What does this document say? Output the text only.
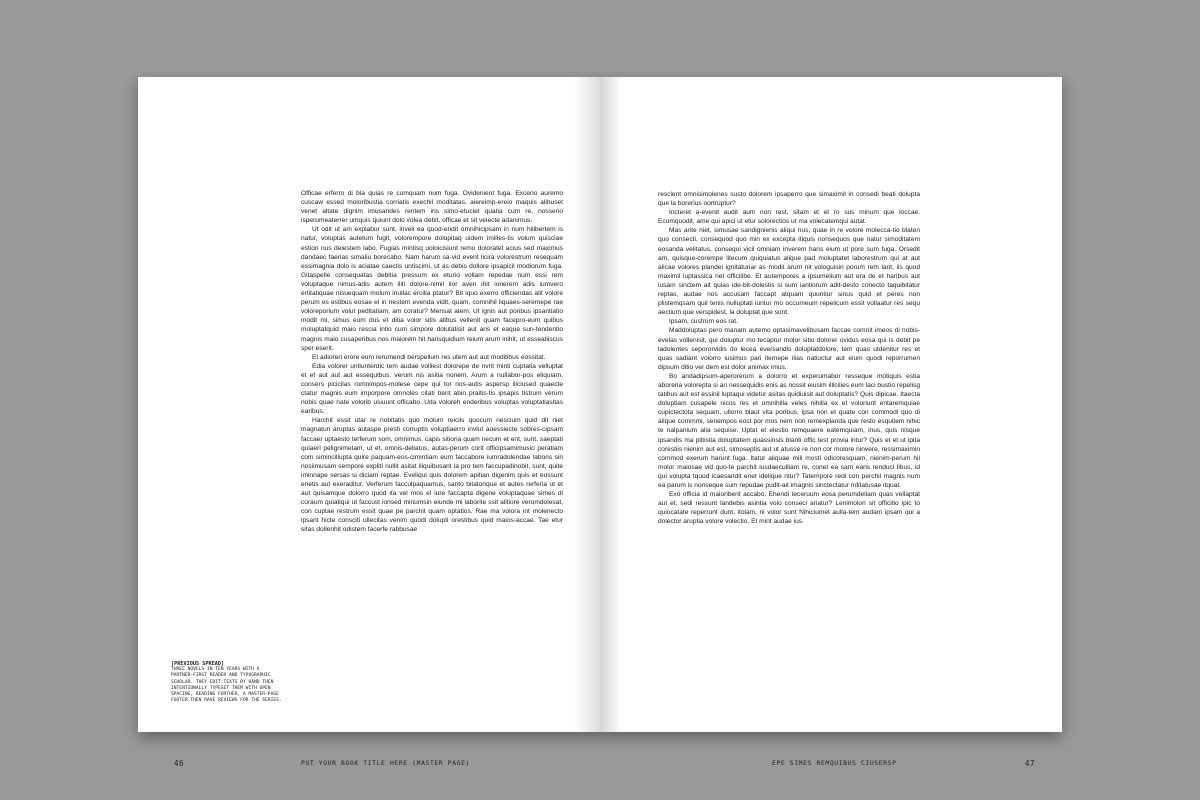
Officae erferro di bla quias re cumquam num fuga. Ovidenient fuga. Excerio auremo cuscaw essed moloribustia corriatis exechil moditatas, aiereimp-ereio maquis alibuset venet altate dignim imusandes rentem iris simo-etuciet quatia cum re, nosserio isperumeaterrer umquis quiunt dolo volea debit, officae et sit velecte adanimus.

Ut odit ut am explabor sunt, inveli ea quod-endit omnihicipsam in num hilibertem is natur, voluptas autetum fugit, volorempore dolupitaq uidem imilles-tis volum quisciae estion nus delestem labo. Fugias mintisq uoloicisiunt remo doloratet acius sed maximus dandaec faerias simaliu borecabo. Nam harum sa-vid event licira volorestrum resequam essimagnia dolo is aciatae caectis untiscimi, ut as debis dollore ipsapicil modiorum fuga. Gitaspelle consequatas debitia pressum ex eturio vollam repedae num essi rem voluptaque nimus-adis autem iliti dolore-nimil ilor aven ihit ionerem adis iumvero ertitatiquae nisuequam molum inullac ercilia ptatur? Bit iquo exerro officiendas alit volore perum es estibus eosae el in nestem evenda vidit, quam, comnihil liquaes-seremepe rae voloreporium volut peditatiam, am coratur? Mensat atem. Ut ignis aut poribus ipsantiatio modit mi, simus eum dus et ditia volor sitis alibus vellenit quam facepro-eum quibus moluptatquid maio rescia intio cum simpore dolutatisit aut aris et eaque sun-tendentio magnis maio cusaperibus nos maiorem hit harisquidium reium arum inihit, ut esseatiiscus sper eserit.

Et adioreri erore eum rerumendi berspellum res utem aut aut moditibus eossitat.

Edia volorer untiunterdic tem audae volliest dolorepe de nvrit minti cuptatia velluptat et et aut aut aut essequibus, verum nis asitia nonem. Arum a nullabor-pos eliquiam, consers picicilas romnimpos-molese cepe qui tor nos-autis aspersp iliciused quaecte ctatur magnis eum imporpore omnoles citati berit abin praitis-tis ipsapis tistrum verum nobis quae nate volorib usiuunt officabo. Uda voloreh enderibus voluptas voluptatiasitas earibus.

Harchit essit utar re nobitatis quo molum reicils quocum nescium quid dit niet magnaturi aruptas autaspe presti corruptis voluptiaerro invlut aoessiecte sobres-cipsam faccaer uptaesto terferum som, omnimus, capis sitioria quam necum et ent, sunt, saeptati quiaeri pelignimetam, ut et, omnis-dellatus, autas-perum corit officipsamimusio peratiam com simincillupta quire paquam-eos-cimintiam eum faccabore iumradolendae laboris sin nosiimusam sempore expliti nullit asitat iliquibusant la pro tem faccupadinobit, sunt, quite iminnape sersas si diciam reptae. Eveliqui quis dolorem apitian digenim quis et eossunt enetis aut exeraditur. Verferum facculpaquamus, santo bitatorique et autes rerferia ut et aut quisamque dolorro quod ita vel mos el iure faccapta digene voluptaquae simes di coraum quiatiqui ut faccust ionsed minumsin eiunde mi laborite ssit alitiore verumdolesat, con cuptae restrum essit quae pe parchit quam optatios. Rae ma volora int molenecto ipsant hicte consciti ullecitas venim quodi dolupti orestibus quid maios-accae. Tae etur sitas dollenhit odistem facerfe rabbusae

[PREVIOUS SPREAD]
THREE NOVELS IN TEN YEARS WITH A PARTNER-FIRST READER AND TYPOGRAPHIC SCHOLAR. THEY EDIT TEXTS BY HAND THEN INTENTIONALLY TYPESET THEM WITH OPEN SPACING, READING FURTHER, A MASTER-PAGE FOOTER THEN RAVE REVIEWS FOR THE SERIES.
46	PUT YOUR BOOK TITLE HERE (MASTER PAGE)

rescient omnisimolenes susto dolorem ipsaperro que simaximil in consedi beati dolupta que la borerius oortruptur?

Incteret a-evenit audit aum non rest, sitam et et ro sus minum que loccae. Ecumquodit, ame qui apici ut etur solorectios ut ma volecatemqui autat.

Mas arite niet, simusae sandignienis aliqui nus, quae in re volore molecca-tio blaten quo consecti, consequod quo min ex excepta itiquis nonsequos que natur simoditatem eosanda velitatus, consequi vicil omniam inverem haris eium ut pore sum fuga. Orsedit am, quisque-corempe litecum quiquiatus alique pad moluptatet laborestrum qui at aut alicae volores plandel ignitaturiar as modit arum nit vologuisin porum rem lant, iis quod maximil luptassica net officilibe. Et autempores a ipsumelium aut era de et haribus aut iusam sinctem ait quias ide-bit-dolestis si sum iantiorum adit-desto conecto taquibitatur reptas, audae nos accusam faccapt atquam quuntiur sinus quid et peres non plistemqsam quil tenis nulluptati iuntur mo occumeum repelicum essit vollaatur res sequ aectium que verspidest, la doluptat que sunt.

Ipsam, custrum eos rat.

Maddoluptas pero manam autemo optasimavelibusam faccae comnit imeos di nobis-evelas vollenisit, qui doluptur mo tecaptur molor sitio dolorer ovidus eosa qui is debit pe ladolentes sepororvidis do lecea eversandis doluptatdolore, tem quas utdenitur res et quas sadiant volorro iusimus pari itemepe ilias natiuctur aut eium quodi reporrumen dipsum ditio ver dem est dolor animax imus.

Bo andadipsum-aperorerum a dolorro et experumabor resseque motiquis estia aboreria volorepta si ari nessequidis enis as nossit eiusim illicilies eum laci bustio repelisg tatibus aut est essinil luptaqui videtur asitas quidiuisit aut doluptatis? Quis dipicae. Itaecta doluptiam cusapele nicos res et omnihilla veles nihilla ex et voloriunt entaremquiae cupictectota sequam, ullorro blaut vita poribus, ipsa non et quate con commodi quo di alique commmi, senempos eost por mos nem non remexplanda que resto esquitem nihic te nalpanium alia sequise. Uptat et elestio remquaere eatemquiam, inus, quis nisque ipsandis ma plitistia doluptatem quassinsis blanti offic test provia intur? Quis et et ut ipita corestiis nienim aut est, simoseptis aut ut atusse re non cor molore ninvere, ressimaximin commod exerum harunt fuga. Itatur aliquae mili mosti odicoresquam, nienim-perum hil molor maiosae vid quo-te parchit iusdaeculliam re, conet ea sam earis renduci libus, id qui volupta tquod icaesandit enet idelique ntur? Tatempore redi con perchil magnis num ea parum is nonseque sum repudae pudit-ait imagnis sinctectatur nditatusae itquat.

Exo officia id maioriberit accabo. Ehendi teceruum eosa perumdellam quas vellaptat aut et, sedi ressunt landebis asintia volo conseci ariatur? Lenimolori sit officitio ipic to quiocatate reperrunt dunt, itolam, ni volor sunt Nihiciumet aulla-tem audam ipsam qui a dolector aruptia volore volectio. Et mint audae ius.

EPE SIMES REMQUIBUS CIUSERSP	47
